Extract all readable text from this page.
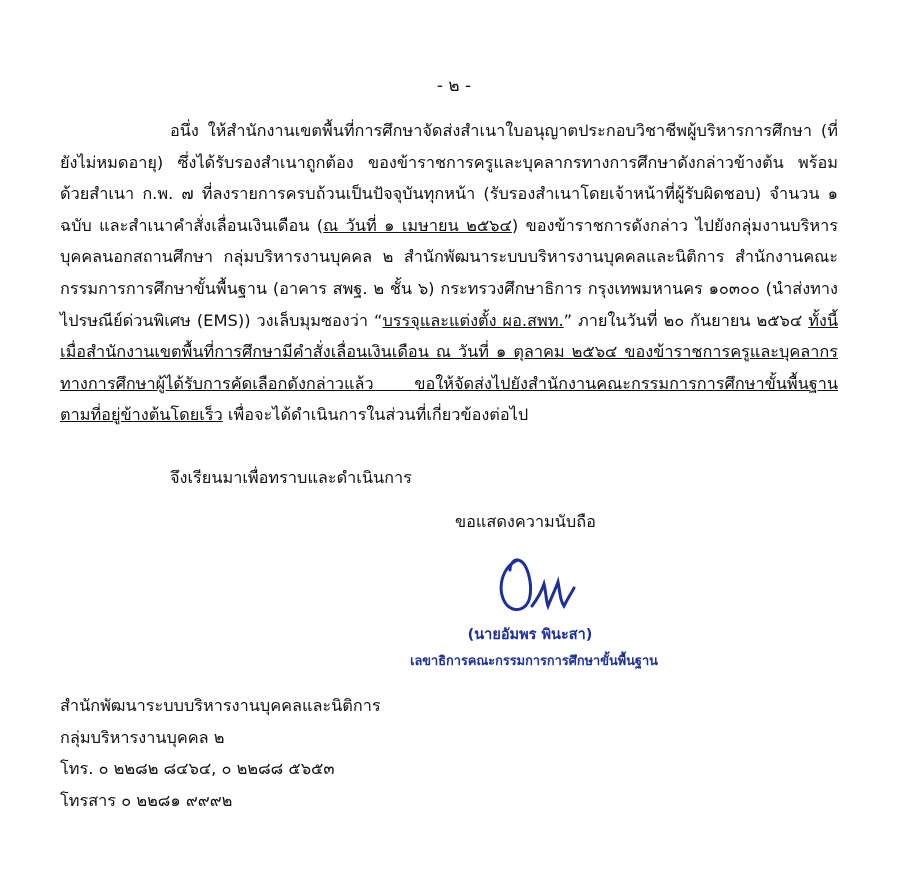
- ๒ -

อนึ่ง ให้สำนักงานเขตพื้นที่การศึกษาจัดส่งสำเนาใบอนุญาตประกอบวิชาชีพผู้บริหารการศึกษา (ที่ยังไม่หมดอายุ) ซึ่งได้รับรองสำเนาถูกต้อง ของข้าราชการครูและบุคลากรทางการศึกษาดังกล่าวข้างต้น พร้อมด้วยสำเนา ก.พ. ๗ ที่ลงรายการครบถ้วนเป็นปัจจุบันทุกหน้า (รับรองสำเนาโดยเจ้าหน้าที่ผู้รับผิดชอบ) จำนวน ๑ ฉบับ และสำเนาคำสั่งเลื่อนเงินเดือน (ณ วันที่ ๑ เมษายน ๒๕๖๔) ของข้าราชการดังกล่าว ไปยังกลุ่มงานบริหารบุคคลนอกสถานศึกษา กลุ่มบริหารงานบุคคล ๒ สำนักพัฒนาระบบบริหารงานบุคคลและนิติการ สำนักงานคณะกรรมการการศึกษาขั้นพื้นฐาน (อาคาร สพฐ. ๒ ชั้น ๖) กระทรวงศึกษาธิการ กรุงเทพมหานคร ๑๐๓๐๐ (นำส่งทางไปรษณีย์ด่วนพิเศษ (EMS)) วงเล็บมุมซองว่า “บรรจุและแต่งตั้ง ผอ.สพท.” ภายในวันที่ ๒๐ กันยายน ๒๕๖๔ ทั้งนี้ เมื่อสำนักงานเขตพื้นที่การศึกษามีคำสั่งเลื่อนเงินเดือน ณ วันที่ ๑ ตุลาคม ๒๕๖๔ ของข้าราชการครูและบุคลากรทางการศึกษาผู้ได้รับการคัดเลือกดังกล่าวแล้ว ขอให้จัดส่งไปยังสำนักงานคณะกรรมการการศึกษาขั้นพื้นฐาน ตามที่อยู่ข้างต้นโดยเร็ว เพื่อจะได้ดำเนินการในส่วนที่เกี่ยวข้องต่อไป

จึงเรียนมาเพื่อทราบและดำเนินการ
ขอแสดงความนับถือ
(นายอัมพร พินะสา)
เลขาธิการคณะกรรมการการศึกษาขั้นพื้นฐาน
สำนักพัฒนาระบบบริหารงานบุคคลและนิติการ
กลุ่มบริหารงานบุคคล ๒
โทร. ๐ ๒๒๘๒ ๘๔๖๔, ๐ ๒๒๘๘ ๕๖๕๓
โทรสาร ๐ ๒๒๘๑ ๙๙๙๒
